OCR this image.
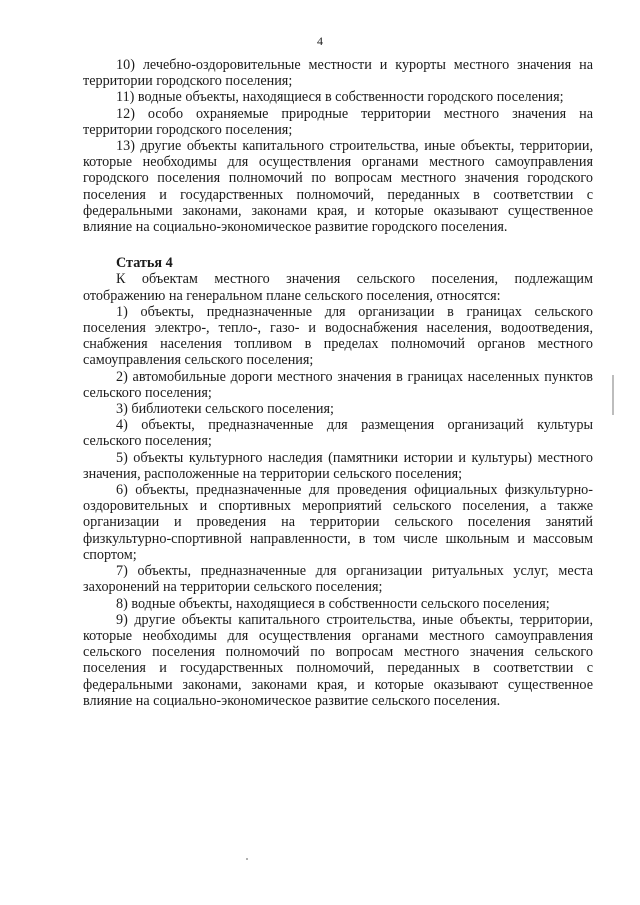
4

10) лечебно-оздоровительные местности и курорты местного значения на территории городского поселения;

11) водные объекты, находящиеся в собственности городского поселения;

12) особо охраняемые природные территории местного значения на территории городского поселения;

13) другие объекты капитального строительства, иные объекты, территории, которые необходимы для осуществления органами местного самоуправления городского поселения полномочий по вопросам местного значения городского поселения и государственных полномочий, переданных в соответствии с федеральными законами, законами края, и которые оказывают существенное влияние на социально-экономическое развитие городского поселения.

Статья 4

К объектам местного значения сельского поселения, подлежащим отображению на генеральном плане сельского поселения, относятся:

1) объекты, предназначенные для организации в границах сельского поселения электро-, тепло-, газо- и водоснабжения населения, водоотведения, снабжения населения топливом в пределах полномочий органов местного самоуправления сельского поселения;

2) автомобильные дороги местного значения в границах населенных пунктов сельского поселения;

3) библиотеки сельского поселения;

4) объекты, предназначенные для размещения организаций культуры сельского поселения;

5) объекты культурного наследия (памятники истории и культуры) местного значения, расположенные на территории сельского поселения;

6) объекты, предназначенные для проведения официальных физкультурно-оздоровительных и спортивных мероприятий сельского поселения, а также организации и проведения на территории сельского поселения занятий физкультурно-спортивной направленности, в том числе школьным и массовым спортом;

7) объекты, предназначенные для организации ритуальных услуг, места захоронений на территории сельского поселения;

8) водные объекты, находящиеся в собственности сельского поселения;

9) другие объекты капитального строительства, иные объекты, территории, которые необходимы для осуществления органами местного самоуправления сельского поселения полномочий по вопросам местного значения сельского поселения и государственных полномочий, переданных в соответствии с федеральными законами, законами края, и которые оказывают существенное влияние на социально-экономическое развитие сельского поселения.
